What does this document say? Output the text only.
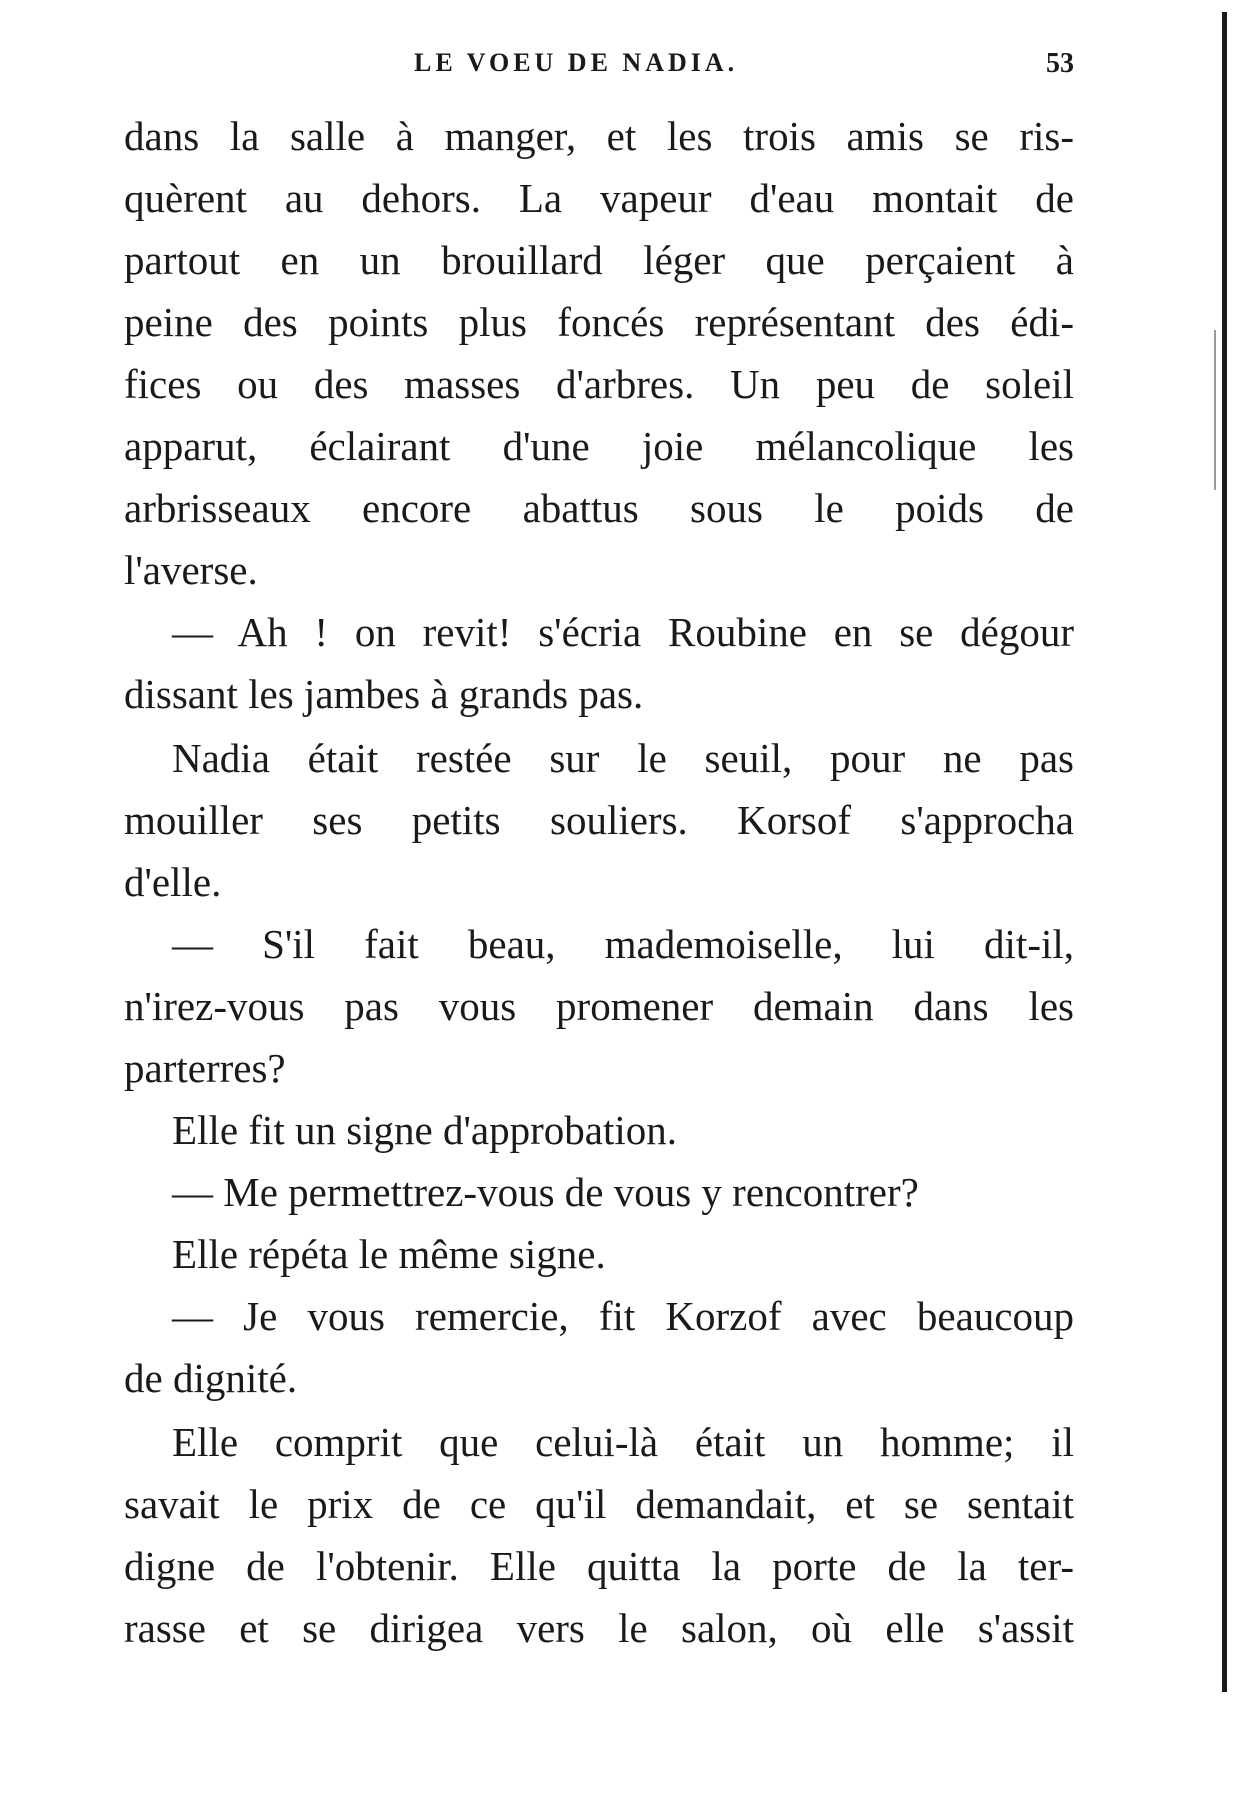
LE VOEU DE NADIA.	53
dans la salle à manger, et les trois amis se ris-
quèrent au dehors. La vapeur d'eau montait de
partout en un brouillard léger que perçaient à
peine des points plus foncés représentant des édi-
fices ou des masses d'arbres. Un peu de soleil
apparut, éclairant d'une joie mélancolique les
arbrisseaux encore abattus sous le poids de
l'averse.
— Ah ! on revit! s'écria Roubine en se dégour
dissant les jambes à grands pas.
Nadia était restée sur le seuil, pour ne pas
mouiller ses petits souliers. Korsof s'approcha
d'elle.
— S'il fait beau, mademoiselle, lui dit-il,
n'irez-vous pas vous promener demain dans les
parterres?
Elle fit un signe d'approbation.
— Me permettrez-vous de vous y rencontrer?
Elle répéta le même signe.
— Je vous remercie, fit Korzof avec beaucoup
de dignité.
Elle comprit que celui-là était un homme; il
savait le prix de ce qu'il demandait, et se sentait
digne de l'obtenir. Elle quitta la porte de la ter-
rasse et se dirigea vers le salon, où elle s'assit
